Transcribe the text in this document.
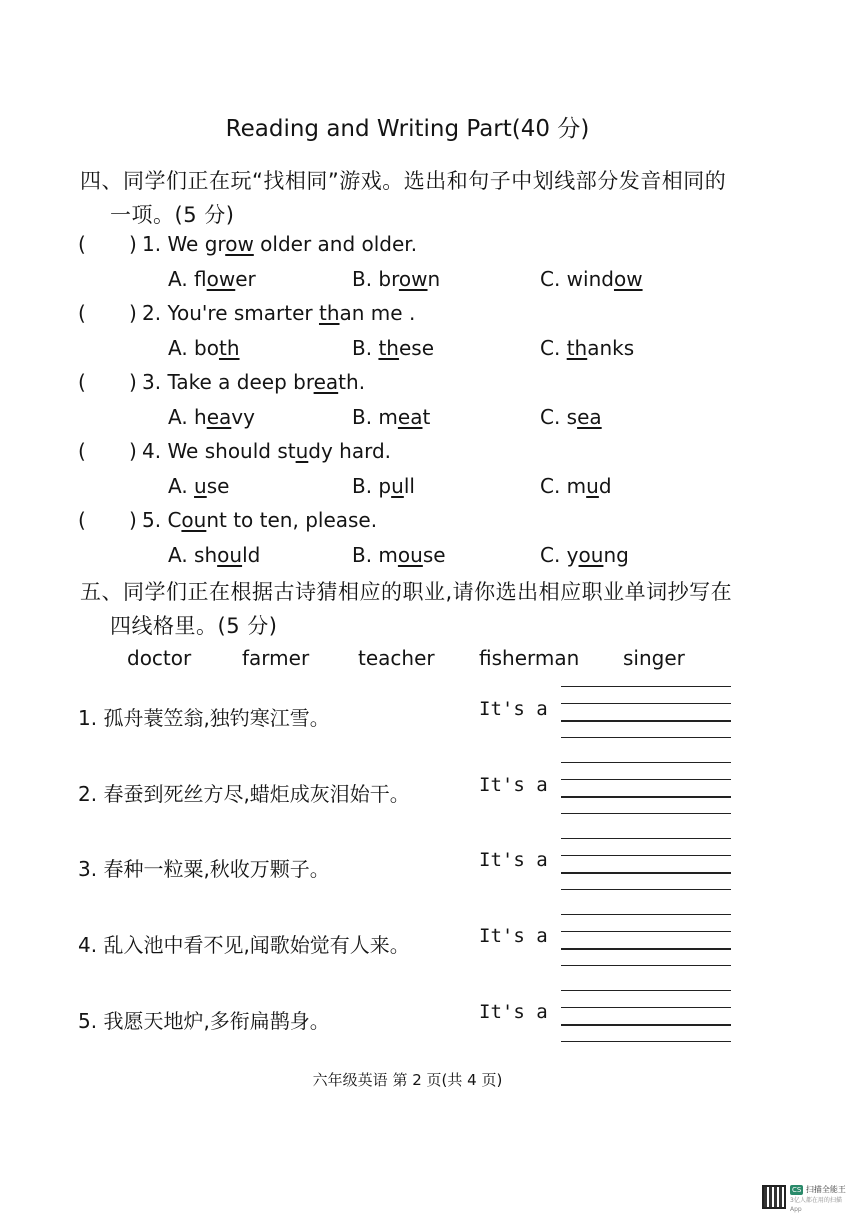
Reading and Writing Part(40 分)
四、同学们正在玩“找相同”游戏。选出和句子中划线部分发音相同的
一项。(5 分)
( ) 1. We grow older and older.
A. flower	B. brown	C. window
( ) 2. You're smarter than me .
A. both	B. these	C. thanks
( ) 3. Take a deep breath.
A. heavy	B. meat	C. sea
( ) 4. We should study hard.
A. use	B. pull	C. mud
( ) 5. Count to ten, please.
A. should	B. mouse	C. young
五、同学们正在根据古诗猜相应的职业,请你选出相应职业单词抄写在
四线格里。(5 分)
doctor	farmer teacher fisherman singer
1. 孤舟蓑笠翁,独钓寒江雪。	It's a
2. 春蚕到死丝方尽,蜡炬成灰泪始干。	It's a
3. 春种一粒粟,秋收万颗子。	It's a
4. 乱入池中看不见,闻歌始觉有人来。	It's a
5. 我愿天地炉,多衔扁鹊身。	It's a
六年级英语 第 2 页(共 4 页)
CS 扫描全能王
3亿人都在用的扫描App
